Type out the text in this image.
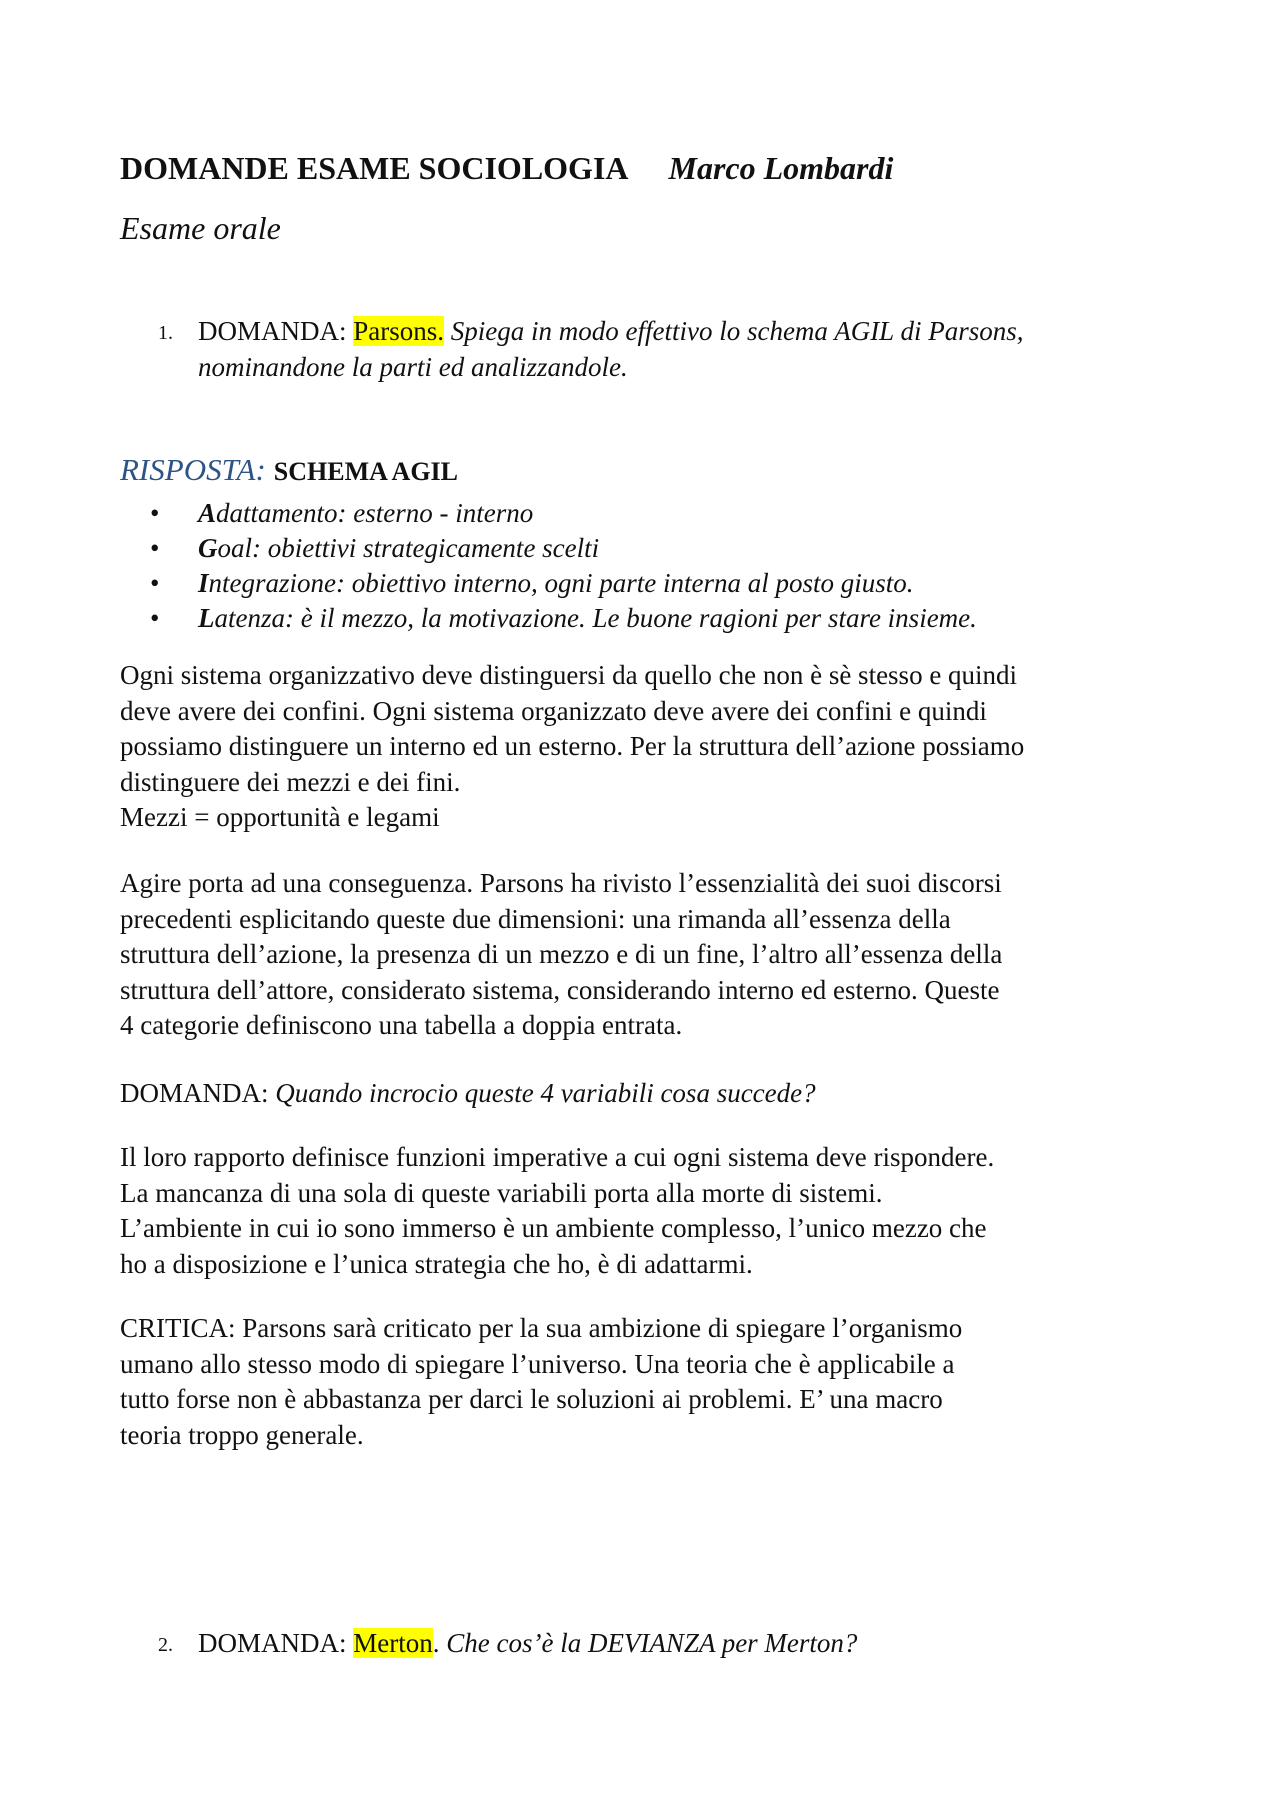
DOMANDE ESAME SOCIOLOGIA Marco Lombardi
Esame orale
1. DOMANDA: Parsons. Spiega in modo effettivo lo schema AGIL di Parsons,
nominandone la parti ed analizzandole.
RISPOSTA: SCHEMA AGIL
• Adattamento: esterno - interno
• Goal: obiettivi strategicamente scelti
• Integrazione: obiettivo interno, ogni parte interna al posto giusto.
• Latenza: è il mezzo, la motivazione. Le buone ragioni per stare insieme.

Ogni sistema organizzativo deve distinguersi da quello che non è sè stesso e quindi

deve avere dei confini. Ogni sistema organizzato deve avere dei confini e quindi

possiamo distinguere un interno ed un esterno. Per la struttura dell’azione possiamo

distinguere dei mezzi e dei fini.

Mezzi = opportunità e legami

Agire porta ad una conseguenza. Parsons ha rivisto l’essenzialità dei suoi discorsi

precedenti esplicitando queste due dimensioni: una rimanda all’essenza della

struttura dell’azione, la presenza di un mezzo e di un fine, l’altro all’essenza della

struttura dell’attore, considerato sistema, considerando interno ed esterno. Queste

4 categorie definiscono una tabella a doppia entrata.

DOMANDA: Quando incrocio queste 4 variabili cosa succede?

Il loro rapporto definisce funzioni imperative a cui ogni sistema deve rispondere.

La mancanza di una sola di queste variabili porta alla morte di sistemi.

L’ambiente in cui io sono immerso è un ambiente complesso, l’unico mezzo che

ho a disposizione e l’unica strategia che ho, è di adattarmi.

CRITICA: Parsons sarà criticato per la sua ambizione di spiegare l’organismo

umano allo stesso modo di spiegare l’universo. Una teoria che è applicabile a

tutto forse non è abbastanza per darci le soluzioni ai problemi. E’ una macro

teoria troppo generale.

2. DOMANDA: Merton. Che cos’è la DEVIANZA per Merton?
